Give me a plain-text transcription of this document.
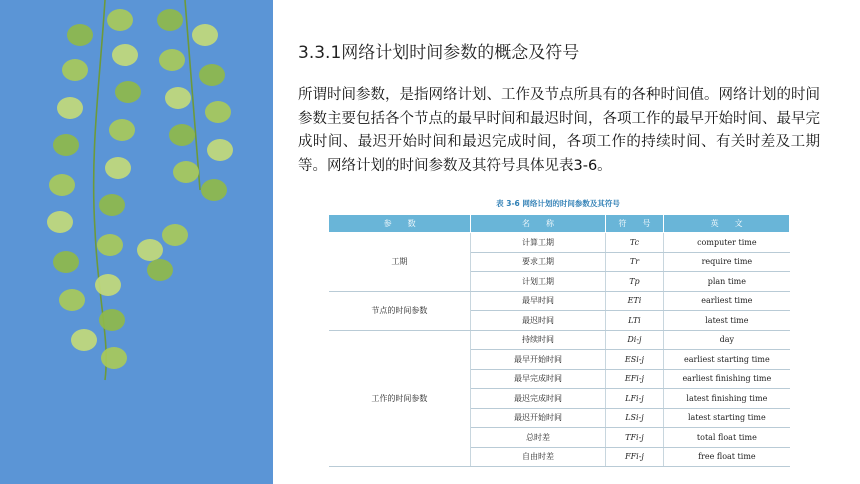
3.3.1网络计划时间参数的概念及符号
所谓时间参数，是指网络计划、工作及节点所具有的各种时间值。网络计划的时间参数主要包括各个节点的最早时间和最迟时间，各项工作的最早开始时间、最早完成时间、最迟开始时间和最迟完成时间，各项工作的持续时间、有关时差及工期等。网络计划的时间参数及其符号具体见表3-6。
表 3-6 网络计划的时间参数及其符号
参　　数	名　　称	符　　号	英　　文
工期	计算工期	Tc	computer time
	要求工期	Tr	require time
	计划工期	Tp	plan time
节点的时间参数	最早时间	ETi	earliest time
	最迟时间	LTi	latest time
工作的时间参数	持续时间	Di-j	day
	最早开始时间	ESi-j	earliest starting time
	最早完成时间	EFi-j	earliest finishing time
	最迟完成时间	LFi-j	latest finishing time
	最迟开始时间	LSi-j	latest starting time
	总时差	TFi-j	total float time
	自由时差	FFi-j	free float time
